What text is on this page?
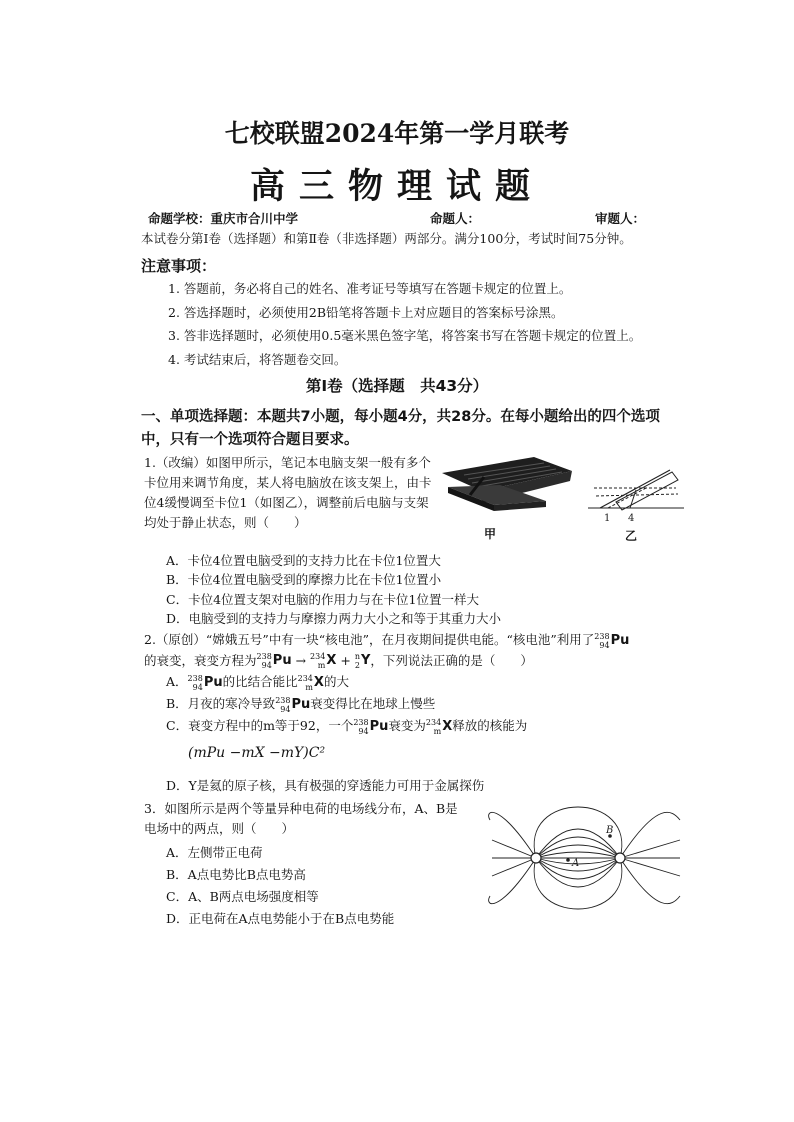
七校联盟2024年第一学月联考
高三物理试题
命题学校：重庆市合川中学	命题人：	审题人：
本试卷分第Ⅰ卷（选择题）和第Ⅱ卷（非选择题）两部分。满分100分，考试时间75分钟。
注意事项：
1. 答题前，务必将自己的姓名、准考证号等填写在答题卡规定的位置上。
2. 答选择题时，必须使用2B铅笔将答题卡上对应题目的答案标号涂黑。
3. 答非选择题时，必须使用0.5毫米黑色签字笔，将答案书写在答题卡规定的位置上。
4. 考试结束后，将答题卷交回。
第Ⅰ卷（选择题　共43分）
一、单项选择题：本题共7小题，每小题4分，共28分。在每小题给出的四个选项中，只有一个选项符合题目要求。
1.（改编）如图甲所示，笔记本电脑支架一般有多个卡位用来调节角度，某人将电脑放在该支架上，由卡位4缓慢调至卡位1（如图乙），调整前后电脑与支架均处于静止状态，则（　　）
甲
1 4
乙
A．卡位4位置电脑受到的支持力比在卡位1位置大
B．卡位4位置电脑受到的摩擦力比在卡位1位置小
C．卡位4位置支架对电脑的作用力与在卡位1位置一样大
D．电脑受到的支持力与摩擦力两力大小之和等于其重力大小
2.（原创）“嫦娥五号”中有一块“核电池”，在月夜期间提供电能。“核电池”利用了 238
94 Pu

的衰变，衰变方程为 238
94 Pu → 234
m X + n
2 Y ，下列说法正确的是（　　）
A． 238
94 Pu 的比结合能比 234
m X 的大
B．月夜的寒冷导致 238
94 Pu 衰变得比在地球上慢些
C．衰变方程中的m等于92，一个 238
94 Pu 衰变为 234
m X 释放的核能为
(mPu −mX −mY)C²
D．Y是氦的原子核，具有极强的穿透能力可用于金属探伤
3．如图所示是两个等量异种电荷的电场线分布，A、B是电场中的两点，则（　　）
A．左侧带正电荷
B．A点电势比B点电势高
C．A、B两点电场强度相等
D．正电荷在A点电势能小于在B点电势能
A
B
